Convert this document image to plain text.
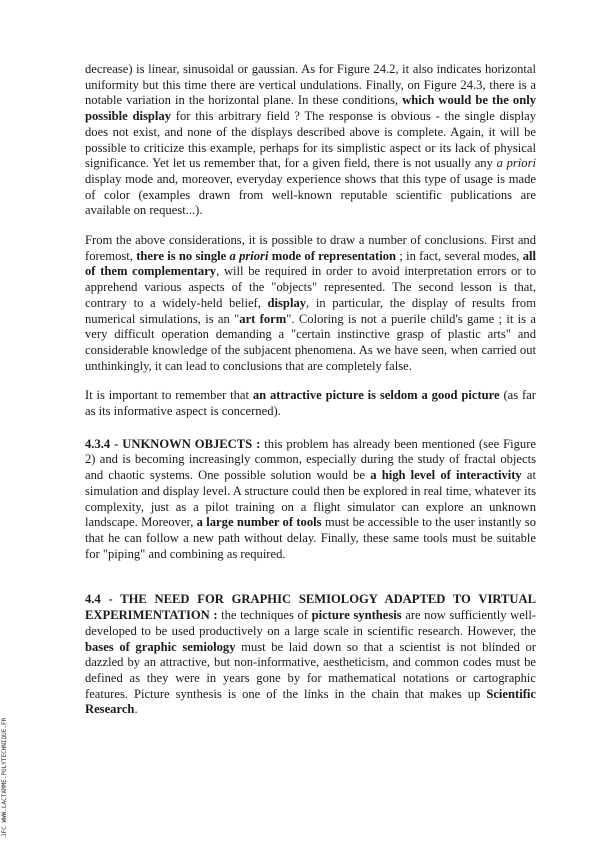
decrease) is linear, sinusoidal or gaussian. As for Figure 24.2, it also indicates horizontal uniformity but this time there are vertical undulations. Finally, on Figure 24.3, there is a notable variation in the horizontal plane. In these conditions, which would be the only possible display for this arbitrary field ? The response is obvious - the single display does not exist, and none of the displays described above is complete. Again, it will be possible to criticize this example, perhaps for its simplistic aspect or its lack of physical significance. Yet let us remember that, for a given field, there is not usually any a priori display mode and, moreover, everyday experience shows that this type of usage is made of color (examples drawn from well-known reputable scientific publications are available on request...).

From the above considerations, it is possible to draw a number of conclusions. First and foremost, there is no single a priori mode of representation ; in fact, several modes, all of them complementary, will be required in order to avoid interpretation errors or to apprehend various aspects of the "objects" represented. The second lesson is that, contrary to a widely-held belief, display, in particular, the display of results from numerical simulations, is an "art form". Coloring is not a puerile child's game ; it is a very difficult operation demanding a "certain instinctive grasp of plastic arts" and considerable knowledge of the subjacent phenomena. As we have seen, when carried out unthinkingly, it can lead to conclusions that are completely false.

It is important to remember that an attractive picture is seldom a good picture (as far as its informative aspect is concerned).

4.3.4 - UNKNOWN OBJECTS : this problem has already been mentioned (see Figure 2) and is becoming increasingly common, especially during the study of fractal objects and chaotic systems. One possible solution would be a high level of interactivity at simulation and display level. A structure could then be explored in real time, whatever its complexity, just as a pilot training on a flight simulator can explore an unknown landscape. Moreover, a large number of tools must be accessible to the user instantly so that he can follow a new path without delay. Finally, these same tools must be suitable for "piping" and combining as required.

4.4 - THE NEED FOR GRAPHIC SEMIOLOGY ADAPTED TO VIRTUAL EXPERIMENTATION : the techniques of picture synthesis are now sufficiently well-developed to be used productively on a large scale in scientific research. However, the bases of graphic semiology must be laid down so that a scientist is not blinded or dazzled by an attractive, but non-informative, aestheticism, and common codes must be defined as they were in years gone by for mathematical notations or cartographic features. Picture synthesis is one of the links in the chain that makes up Scientific Research.

JFC WWW.LACTAMME.POLYTECHNIQUE.FR
